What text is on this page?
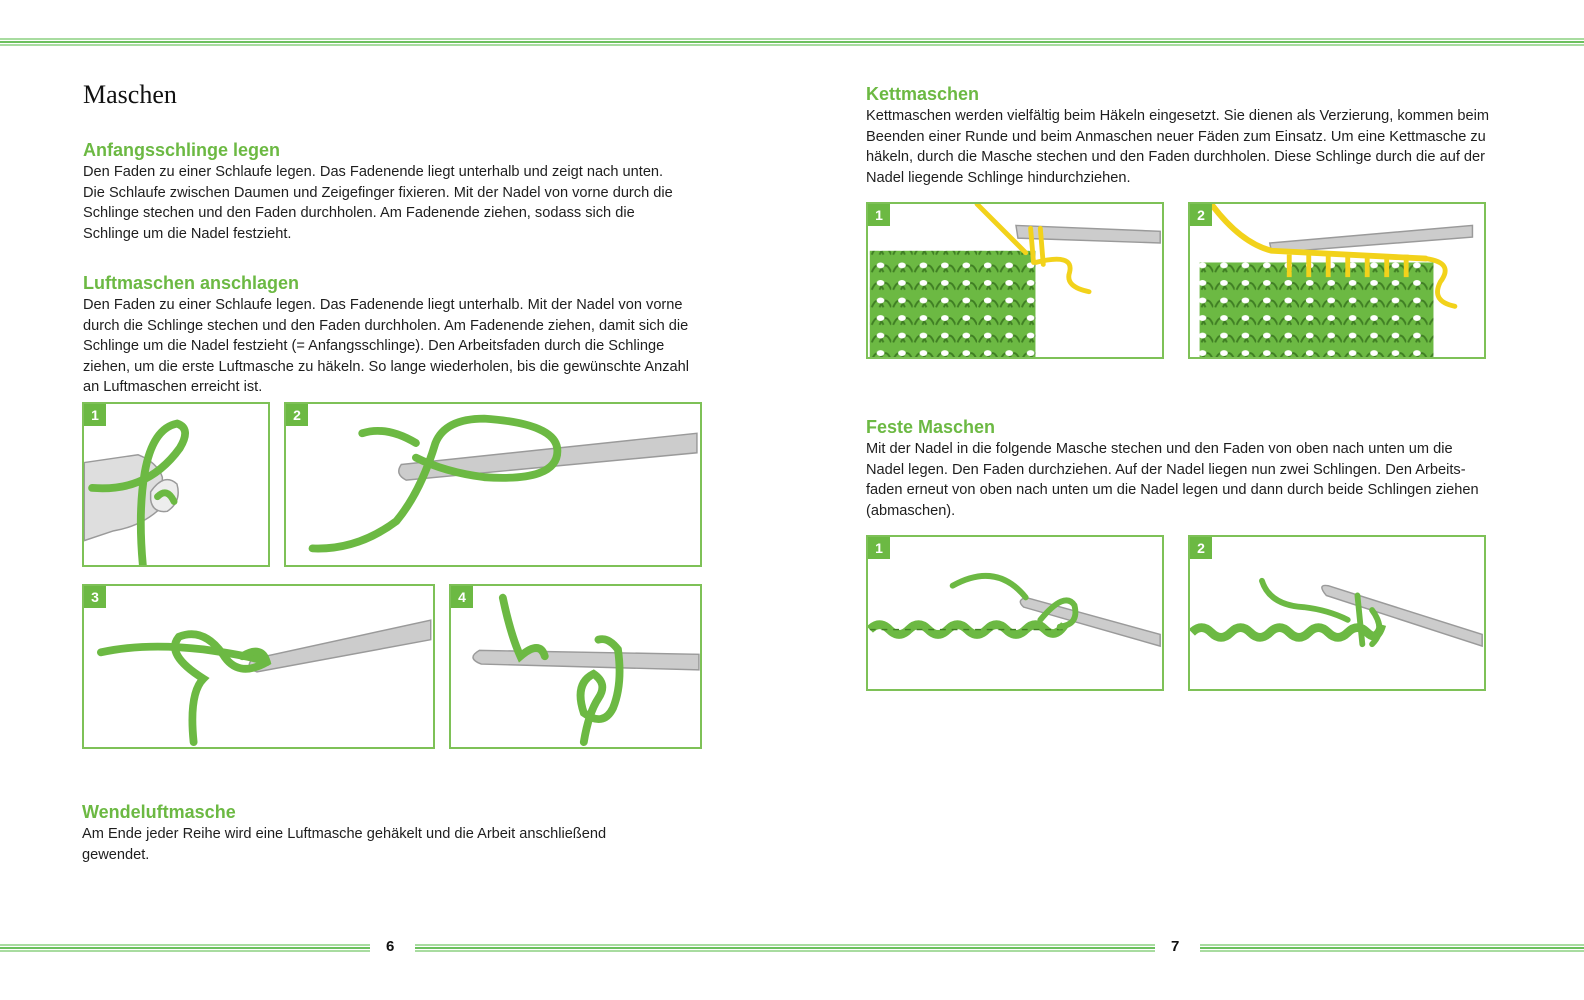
Maschen
Anfangsschlinge legen

Den Faden zu einer Schlaufe legen. Das Fadenende liegt unterhalb und zeigt nach unten. Die Schlaufe zwischen Daumen und Zeigefinger fixieren. Mit der Nadel von vorne durch die Schlinge stechen und den Faden durchholen. Am Fadenende ziehen, sodass sich die Schlinge um die Nadel festzieht.

Luftmaschen anschlagen

Den Faden zu einer Schlaufe legen. Das Fadenende liegt unterhalb. Mit der Nadel von vorne durch die Schlinge stechen und den Faden durchholen. Am Fadenende ziehen, damit sich die Schlinge um die Nadel festzieht (= Anfangsschlinge). Den Arbeitsfaden durch die Schlinge ziehen, um die erste Luftmasche zu häkeln. So lange wiederholen, bis die gewünschte Anzahl an Luftmaschen erreicht ist.

1	2
3	4
Wendeluftmasche

Am Ende jeder Reihe wird eine Luftmasche gehäkelt und die Arbeit anschließend gewendet.

Kettmaschen

Kettmaschen werden vielfältig beim Häkeln eingesetzt. Sie dienen als Verzierung, kommen beim Beenden einer Runde und beim Anmaschen neuer Fäden zum Einsatz. Um eine Kettmasche zu häkeln, durch die Masche stechen und den Faden durchholen. Diese Schlinge durch die auf der Nadel liegende Schlinge hindurchziehen.

1	2
Feste Maschen

Mit der Nadel in die folgende Masche stechen und den Faden von oben nach unten um die Nadel legen. Den Faden durchziehen. Auf der Nadel liegen nun zwei Schlingen. Den Arbeitsfaden erneut von oben nach unten um die Nadel legen und dann durch beide Schlingen ziehen (abmaschen).

1	2
6	7
